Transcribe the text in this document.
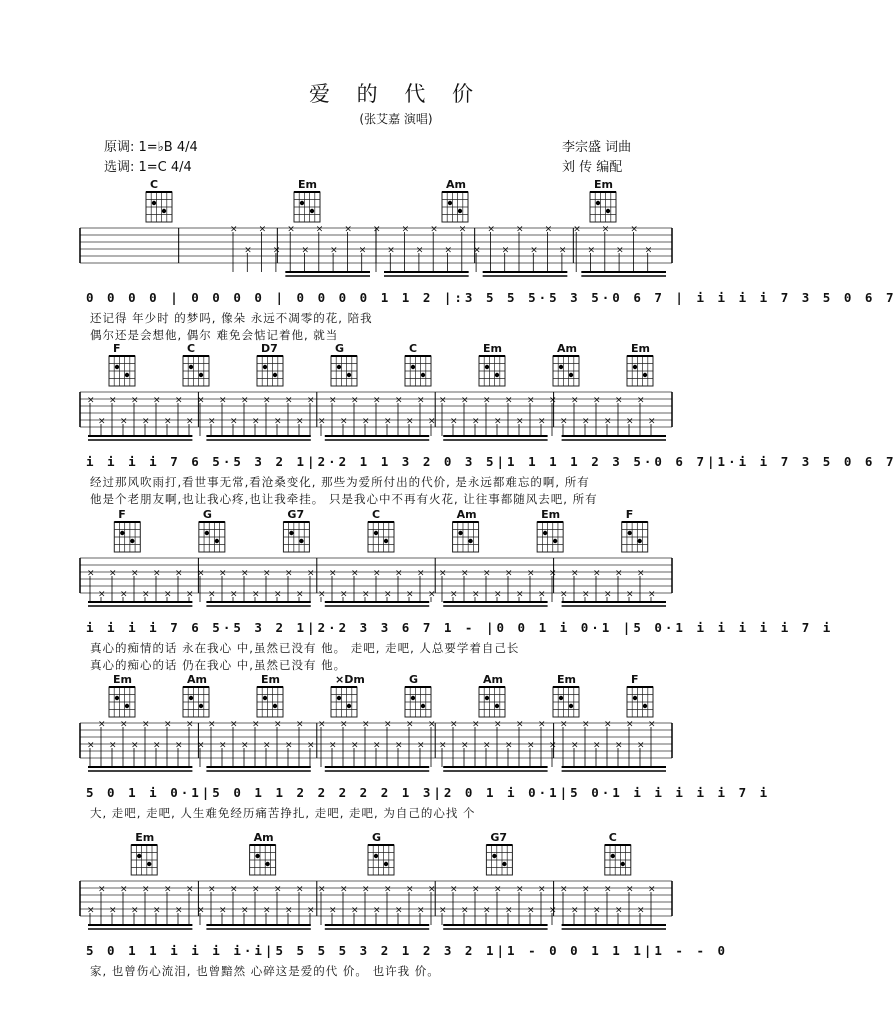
爱 的 代 价
(张艾嘉 演唱)
原调: 1=♭B 4/4
选调: 1=C 4/4
李宗盛 词曲
刘 传 编配
×
×
×
×
×
×
×
×
×
×
×
×
×
×
×
×
×
×
×
×
×
×
×
×
×
×
×
×
×
×
×
×
×
×
×
×
×
×
×
×
×
×
×
×
×
×
×
×
×
×
×
×
×
×
×
×
×
×
×
×
×
×
×
×
×
×
×
×
×
×
×
×
×
×
×
×
×
×
×
×
×
×
×
×
×
×
×
×
×
×
×
×
×
×
×
×
×
×
×
×
×
×
×
×
×
×
×
×
×
×
×
×
×
×
×
×
×
×
×
×
×
×
×
×
×
×
×
×
×
×
×
×
×
×
×
×
×
×
×
×
×
×
×
×
×
×
×
×
×
×
×
×
×
×
×
×
×
×
×
×
×
×
×
×
×
×
×
×
×
×
×
×
×
×
×
×
×
×
×
×
×
×
×
×
×
×
×
×
×
×
×
×
×
×
×
×
×
×
×
×
×
×
×
×
×
×
×
×
×
×
×
×
×
×
×
×
×
×
×
×
×
×
×
×
×
×
×
×
×
×
×
×
×
×
×
×
×
×
C	Em	Am	Em
0 0 0 0 | 0 0 0 0 | 0 0 0 0 1 1 2 |:3 5 5 5·5 3 5·0 6 7 | i i i i 7 3 5 0 6 7
还记得 年少时 的梦吗, 像朵 永远不凋零的花, 陪我
偶尔还是会想他, 偶尔 难免会惦记着他, 就当
F	C	D7	G	C	Em	Am	Em
i i i i 7 6 5·5 3 2 1|2·2 1 1 3 2 0 3 5|1 1 1 1 2 3 5·0 6 7|1·i i 7 3 5 0 6 7
经过那风吹雨打,看世事无常,看沧桑变化, 那些为爱所付出的代价, 是永远都难忘的啊, 所有
他是个老朋友啊,也让我心疼,也让我牵挂。 只是我心中不再有火花, 让往事都随风去吧, 所有
F	G	G7	C	Am	Em	F
i i i i 7 6 5·5 3 2 1|2·2 3 3 6 7 1 - |0 0 1 i 0·1 |5 0·1 i i i i i 7 i
真心的痴情的话 永在我心 中,虽然已没有 他。 走吧, 走吧, 人总要学着自己长
真心的痴心的话 仍在我心 中,虽然已没有 他。
Em	Am	Em	×Dm	G	Am	Em	F
5 0 1 i 0·1|5 0 1 1 2 2 2 2 2 1 3|2 0 1 i 0·1|5 0·1 i i i i i 7 i
大, 走吧, 走吧, 人生难免经历痛苦挣扎, 走吧, 走吧, 为自己的心找 个
Em	Am	G	G7	C
5 0 1 1 i i i i·i|5 5 5 5 3 2 1 2 3 2 1|1 - 0 0 1 1 1|1 - - 0
家, 也曾伤心流泪, 也曾黯然 心碎这是爱的代 价。 也许我 价。
